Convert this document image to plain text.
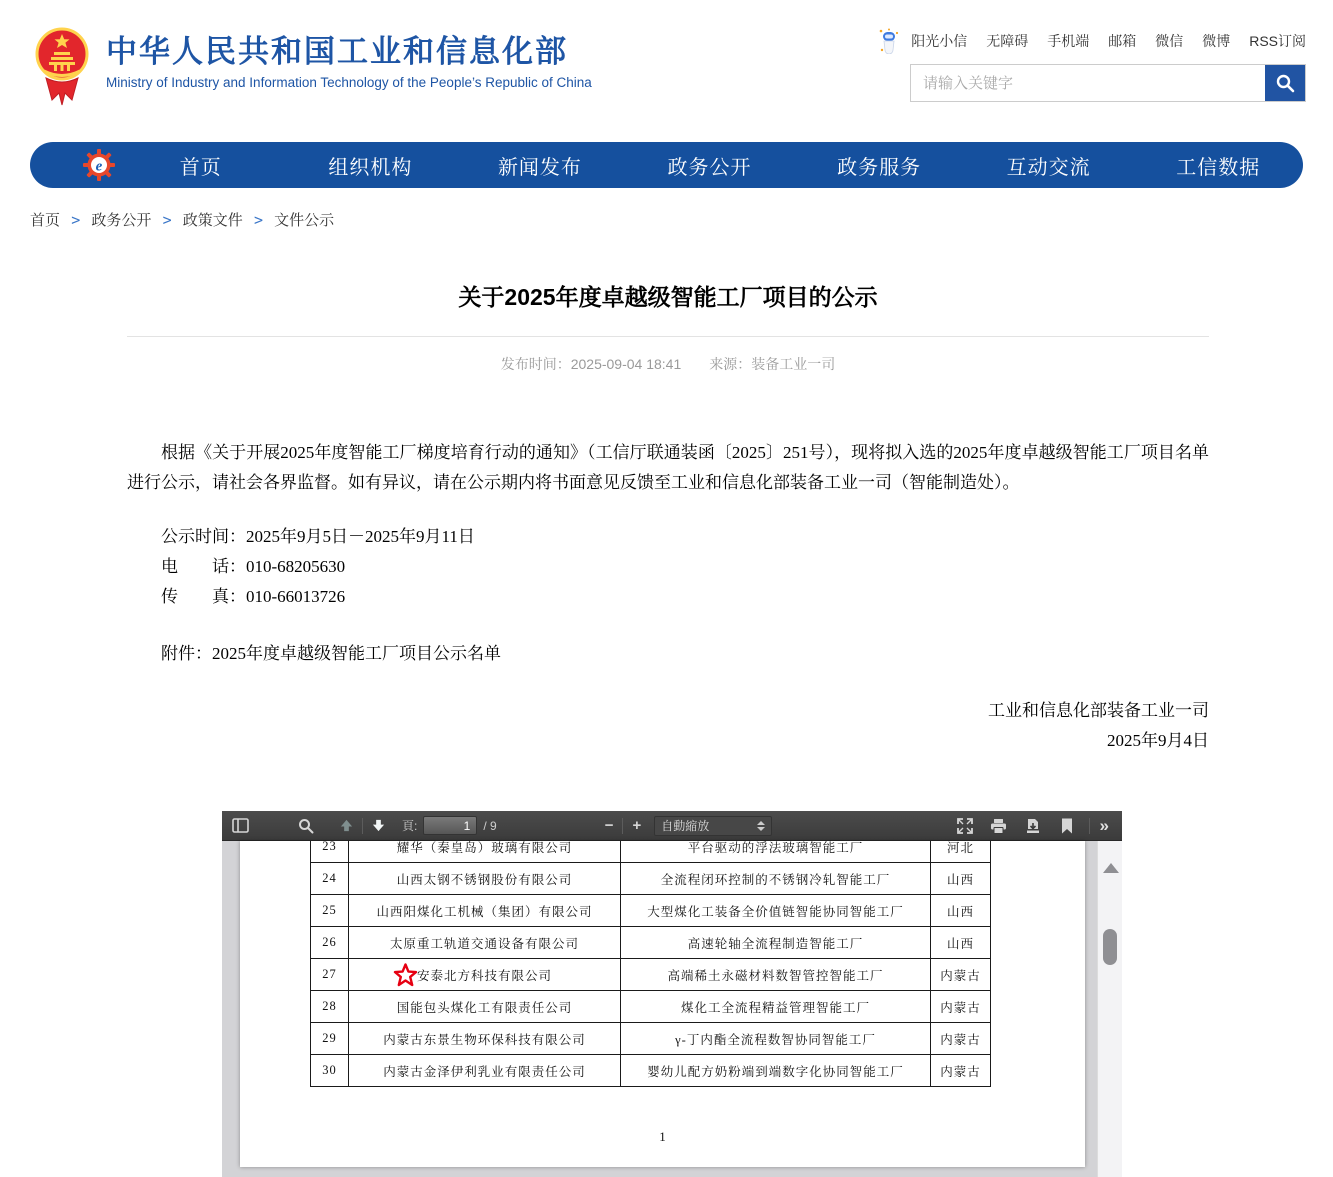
中华人民共和国工业和信息化部
Ministry of Industry and Information Technology of the People’s Republic of China
阳光小信 无障碍 手机端 邮箱 微信 微博 RSS订阅
请输入关键字
e	首页	组织机构	新闻发布	政务公开	政务服务	互动交流	工信数据
首页 > 政务公开 > 政策文件 > 文件公示
关于2025年度卓越级智能工厂项目的公示
发布时间：2025-09-04 18:41 来源：装备工业一司

根据《关于开展2025年度智能工厂梯度培育行动的通知》（工信厅联通装函〔2025〕251号），现将拟入选的2025年度卓越级智能工厂项目名单进行公示，请社会各界监督。如有异议，请在公示期内将书面意见反馈至工业和信息化部装备工业一司（智能制造处）。

公示时间：2025年9月5日－2025年9月11日

电　　话：010-68205630

传　　真：010-66013726

附件：2025年度卓越级智能工厂项目公示名单

工业和信息化部装备工业一司
2025年9月4日
頁:
1	/ 9	− + 自動縮放	»
23	耀华（秦皇岛）玻璃有限公司	平台驱动的浮法玻璃智能工厂	河北
24	山西太钢不锈钢股份有限公司	全流程闭环控制的不锈钢冷轧智能工厂	山西
25	山西阳煤化工机械（集团）有限公司	大型煤化工装备全价值链智能协同智能工厂	山西
26	太原重工轨道交通设备有限公司	高速轮轴全流程制造智能工厂	山西
27	安泰北方科技有限公司	高端稀土永磁材料数智管控智能工厂	内蒙古
28	国能包头煤化工有限责任公司	煤化工全流程精益管理智能工厂	内蒙古
29	内蒙古东景生物环保科技有限公司	γ-丁内酯全流程数智协同智能工厂	内蒙古
30	内蒙古金泽伊利乳业有限责任公司	婴幼儿配方奶粉端到端数字化协同智能工厂	内蒙古
1
